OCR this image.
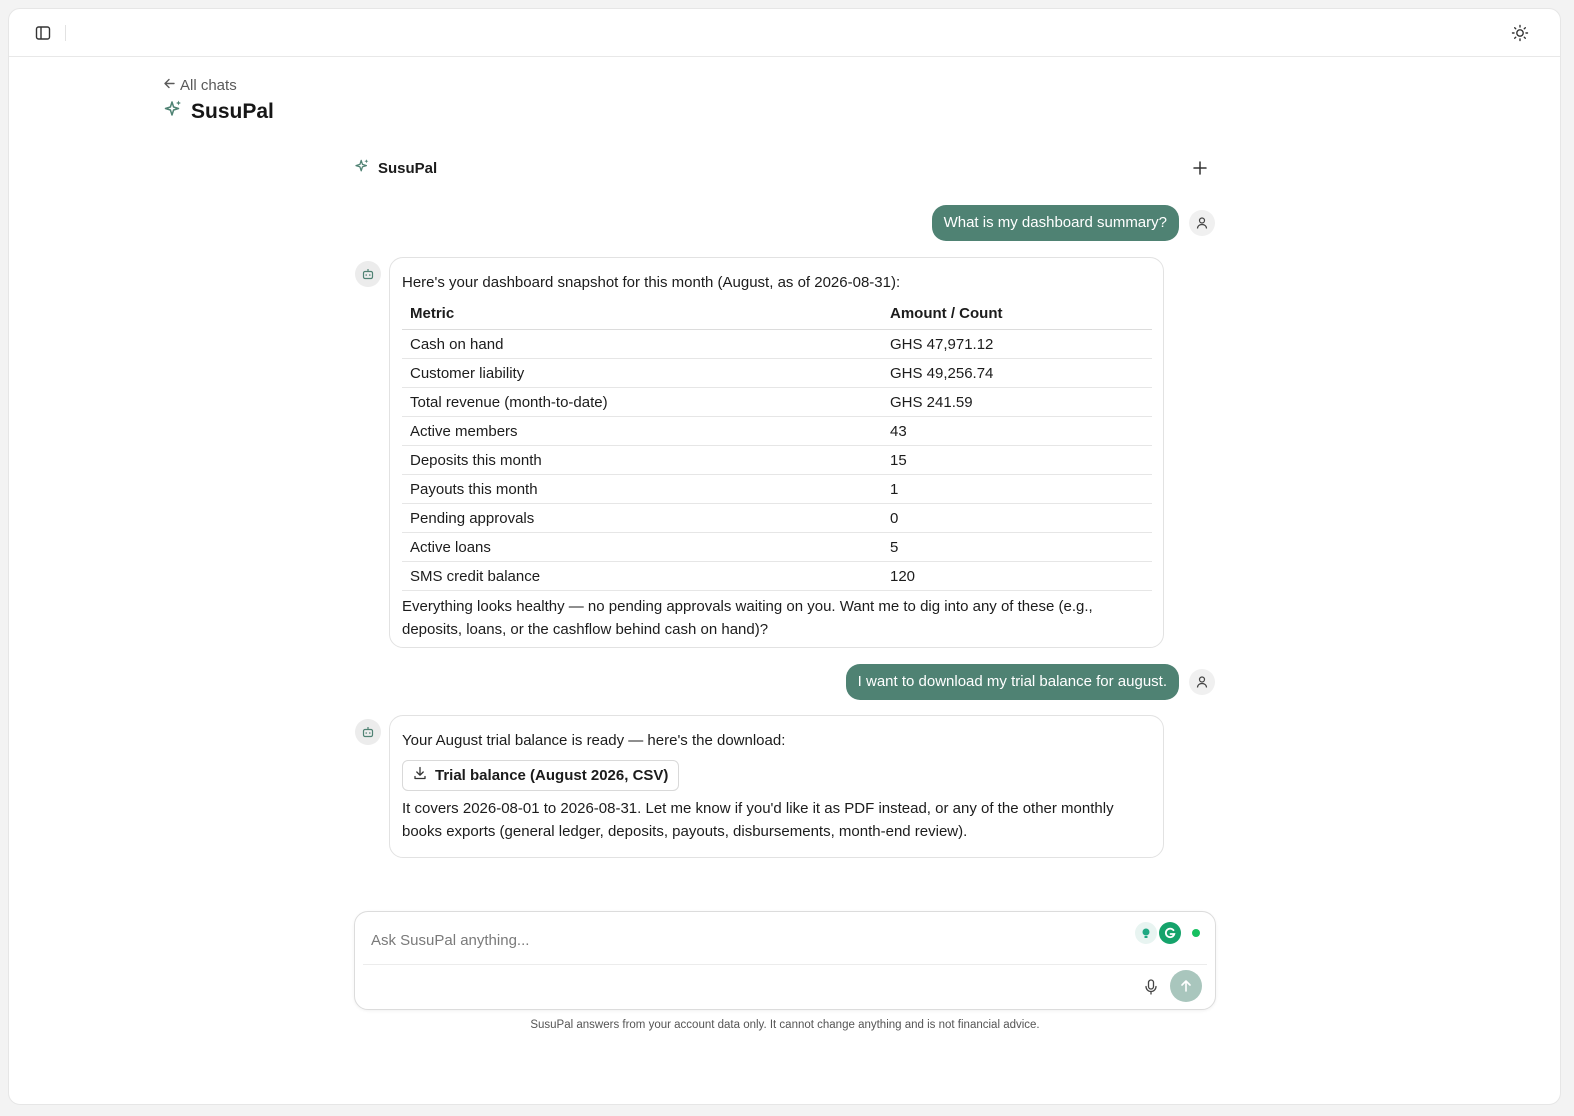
All chats
SusuPal
SusuPal
What is my dashboard summary?
Here's your dashboard snapshot for this month (August, as of 2026-08-31):
Metric	Amount / Count
Cash on hand	GHS 47,971.12
Customer liability	GHS 49,256.74
Total revenue (month-to-date)	GHS 241.59
Active members	43
Deposits this month	15
Payouts this month	1
Pending approvals	0
Active loans	5
SMS credit balance	120
Everything looks healthy — no pending approvals waiting on you. Want me to dig into any of these (e.g., deposits, loans, or the cashflow behind cash on hand)?
I want to download my trial balance for august.
Your August trial balance is ready — here's the download:
Trial balance (August 2026, CSV)
It covers 2026-08-01 to 2026-08-31. Let me know if you'd like it as PDF instead, or any of the other monthly books exports (general ledger, deposits, payouts, disbursements, month-end review).
Ask SusuPal anything...
SusuPal answers from your account data only. It cannot change anything and is not financial advice.
